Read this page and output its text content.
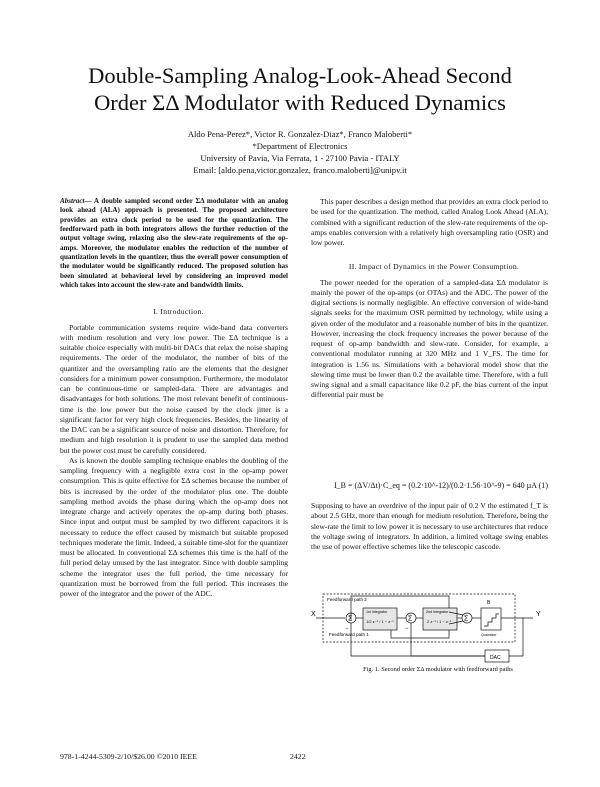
Double-Sampling Analog-Look-Ahead Second
Order ΣΔ Modulator with Reduced Dynamics
Aldo Pena-Perez*, Victor R. Gonzalez-Diaz*, Franco Maloberti*
*Department of Electronics
University of Pavia, Via Ferrata, 1 - 27100 Pavia - ITALY
Email: [aldo.pena,victor.gonzalez, franco.maloberti]@unipv.it

Abstract— A double sampled second order ΣΔ modulator with an analog look ahead (ALA) approach is presented. The proposed architecture provides an extra clock period to be used for the quantization. The feedforward path in both integrators allows the further reduction of the output voltage swing, relaxing also the slew-rate requirements of the op-amps. Moreover, the modulator enables the reduction of the number of quantization levels in the quantizer, thus the overall power consumption of the modulator would be significantly reduced. The proposed solution has been simulated at behavioral level by considering an improved model which takes into account the slew-rate and bandwidth limits.

I. Introduction.

Portable communication systems require wide-band data converters with medium resolution and very low power. The ΣΔ technique is a suitable choice especially with multi-bit DACs that relax the noise shaping requirements. The order of the modulator, the number of bits of the quantizer and the oversampling ratio are the elements that the designer considers for a minimum power consumption. Furthermore, the modulator can be continuous-time or sampled-data. There are advantages and disadvantages for both solutions. The most relevant benefit of continuous-time is the low power but the noise caused by the clock jitter is a significant factor for very high clock frequencies. Besides, the linearity of the DAC can be a significant source of noise and distortion. Therefore, for medium and high resolution it is prudent to use the sampled data method but the power cost must be carefully considered.

As is known the double sampling technique enables the doubling of the sampling frequency with a negligible extra cost in the op-amp power consumption. This is quite effective for ΣΔ schemes because the number of bits is increased by the order of the modulator plus one. The double sampling method avoids the phase during which the op-amp does not integrate charge and actively operates the op-amp during both phases. Since input and output must be sampled by two different capacitors it is necessary to reduce the effect caused by mismatch but suitable proposed techniques moderate the limit. Indeed, a suitable time-slot for the quantizer must be allocated. In conventional ΣΔ schemes this time is the half of the full period delay unused by the last integrator. Since with double sampling scheme the integrator uses the full period, the time necessary for quantization must be borrowed from the full period. This increases the power of the integrator and the power of the ADC.

This paper describes a design method that provides an extra clock period to be used for the quantization. The method, called Analog Look Ahead (ALA), combined with a significant reduction of the slew-rate requirements of the op-amps enables conversion with a relatively high oversampling ratio (OSR) and low power.

II. Impact of Dynamics in the Power Consumption.

The power needed for the operation of a sampled-data ΣΔ modulator is mainly the power of the op-amps (or OTAs) and the ADC. The power of the digital sections is normally negligible. An effective conversion of wide-band signals seeks for the maximum OSR permitted by technology, while using a given order of the modulator and a reasonable number of bits in the quantizer. However, increasing the clock frequency increases the power because of the request of op-amp bandwidth and slew-rate. Consider, for example, a conventional modulator running at 320 MHz and 1 V_FS. The time for integration is 1.56 ns. Simulations with a behavioral model show that the slewing time must be lower than 0.2 the available time. Therefore, with a full swing signal and a small capacitance like 0.2 pF, the bias current of the input differential pair must be

I_B = (ΔV/Δt)·C_eq = (0.2·10^-12)/(0.2·1.56·10^-9) = 640 µA (1)

Supposing to have an overdrive of the input pair of 0.2 V the estimated f_T is about 2.5 GHz, more than enough for medium resolution. Therefore, being the slew-rate the limit to low power it is necessary to use architectures that reduce the voltage swing of integrators. In addition, a limited voltage swing enables the use of power effective schemes like the telescopic cascode.

X	Y
B
Feedforward path 2
Feedforward path 1
1st Integrator
1/2 z⁻¹ / 1 − z⁻¹
2nd Integrator
2 z⁻¹ / 1 − z⁻¹
Quantizer
DAC
Σ	Σ	Σ
−	−
Fig. 1. Second order ΣΔ modulator with feedforward paths
978-1-4244-5309-2/10/$26.00 ©2010 IEEE	2422
